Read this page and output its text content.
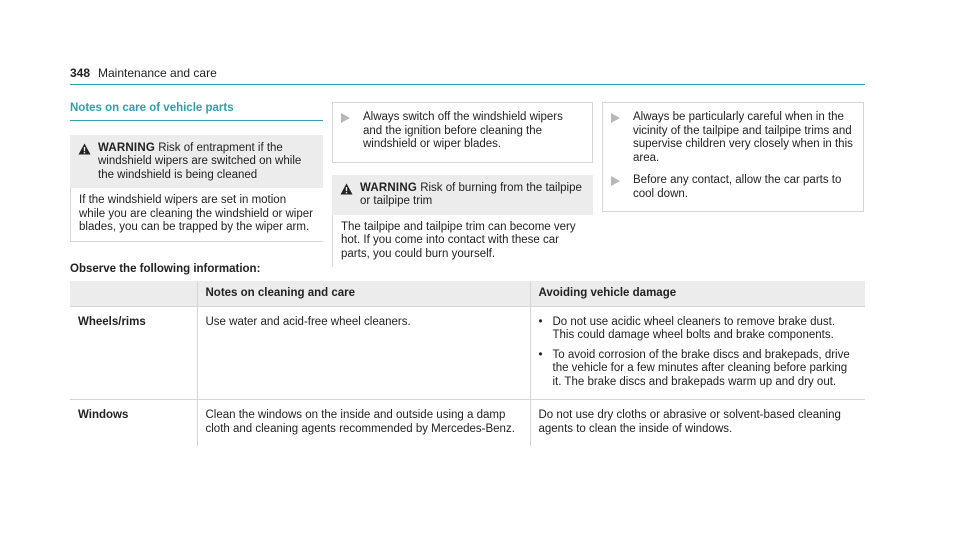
348 Maintenance and care
Notes on care of vehicle parts
WARNING Risk of entrapment if the windshield wipers are switched on while the windshield is being cleaned
If the windshield wipers are set in motion while you are cleaning the windshield or wiper blades, you can be trapped by the wiper arm.
Always switch off the windshield wipers and the ignition before cleaning the windshield or wiper blades.
WARNING Risk of burning from the tailpipe or tailpipe trim
The tailpipe and tailpipe trim can become very hot. If you come into contact with these car parts, you could burn yourself.
Always be particularly careful when in the vicinity of the tailpipe and tailpipe trims and supervise children very closely when in this area.
Before any contact, allow the car parts to cool down.
Observe the following information:
	Notes on cleaning and care	Avoiding vehicle damage
Wheels/rims	Use water and acid-free wheel cleaners.	• Do not use acidic wheel cleaners to remove brake dust. This could damage wheel bolts and brake components.
• To avoid corrosion of the brake discs and brakepads, drive the vehicle for a few minutes after cleaning before parking it. The brake discs and brakepads warm up and dry out.

Windows	Clean the windows on the inside and outside using a damp cloth and cleaning agents recommended by Mercedes-Benz.	Do not use dry cloths or abrasive or solvent-based cleaning agents to clean the inside of windows.
